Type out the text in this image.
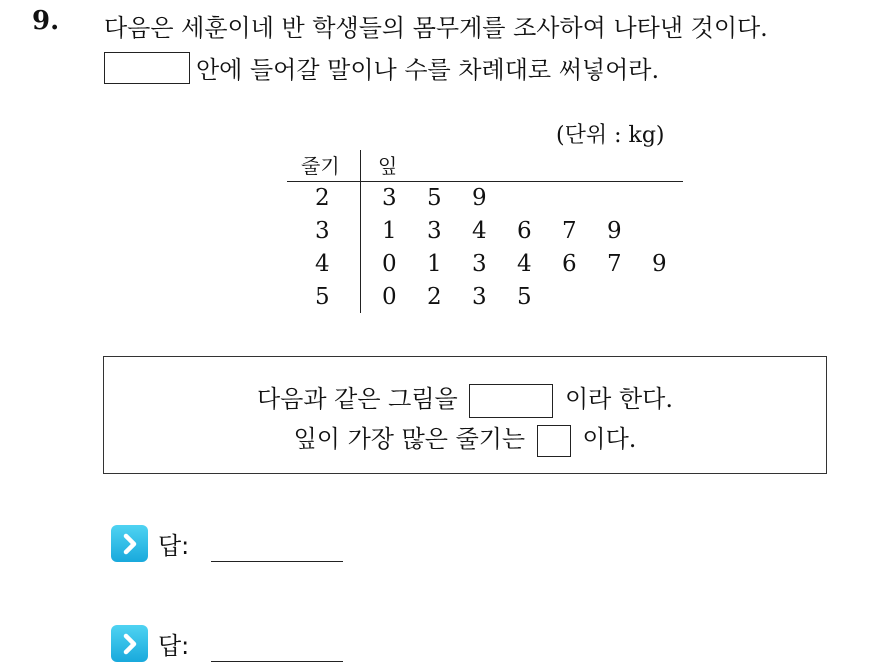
9. 다음은 세훈이네 반 학생들의 몸무게를 조사하여 나타낸 것이다.
안에 들어갈 말이나 수를 차례대로 써넣어라.
(단위 : kg)
줄기 잎
2 3 5 9
3 1 3 4 6 7 9
4 0 1 3 4 6 7 9
5 0 2 3 5
다음과 같은 그림을	이라 한다.
잎이 가장 많은 줄기는 이다.
답:
답:
